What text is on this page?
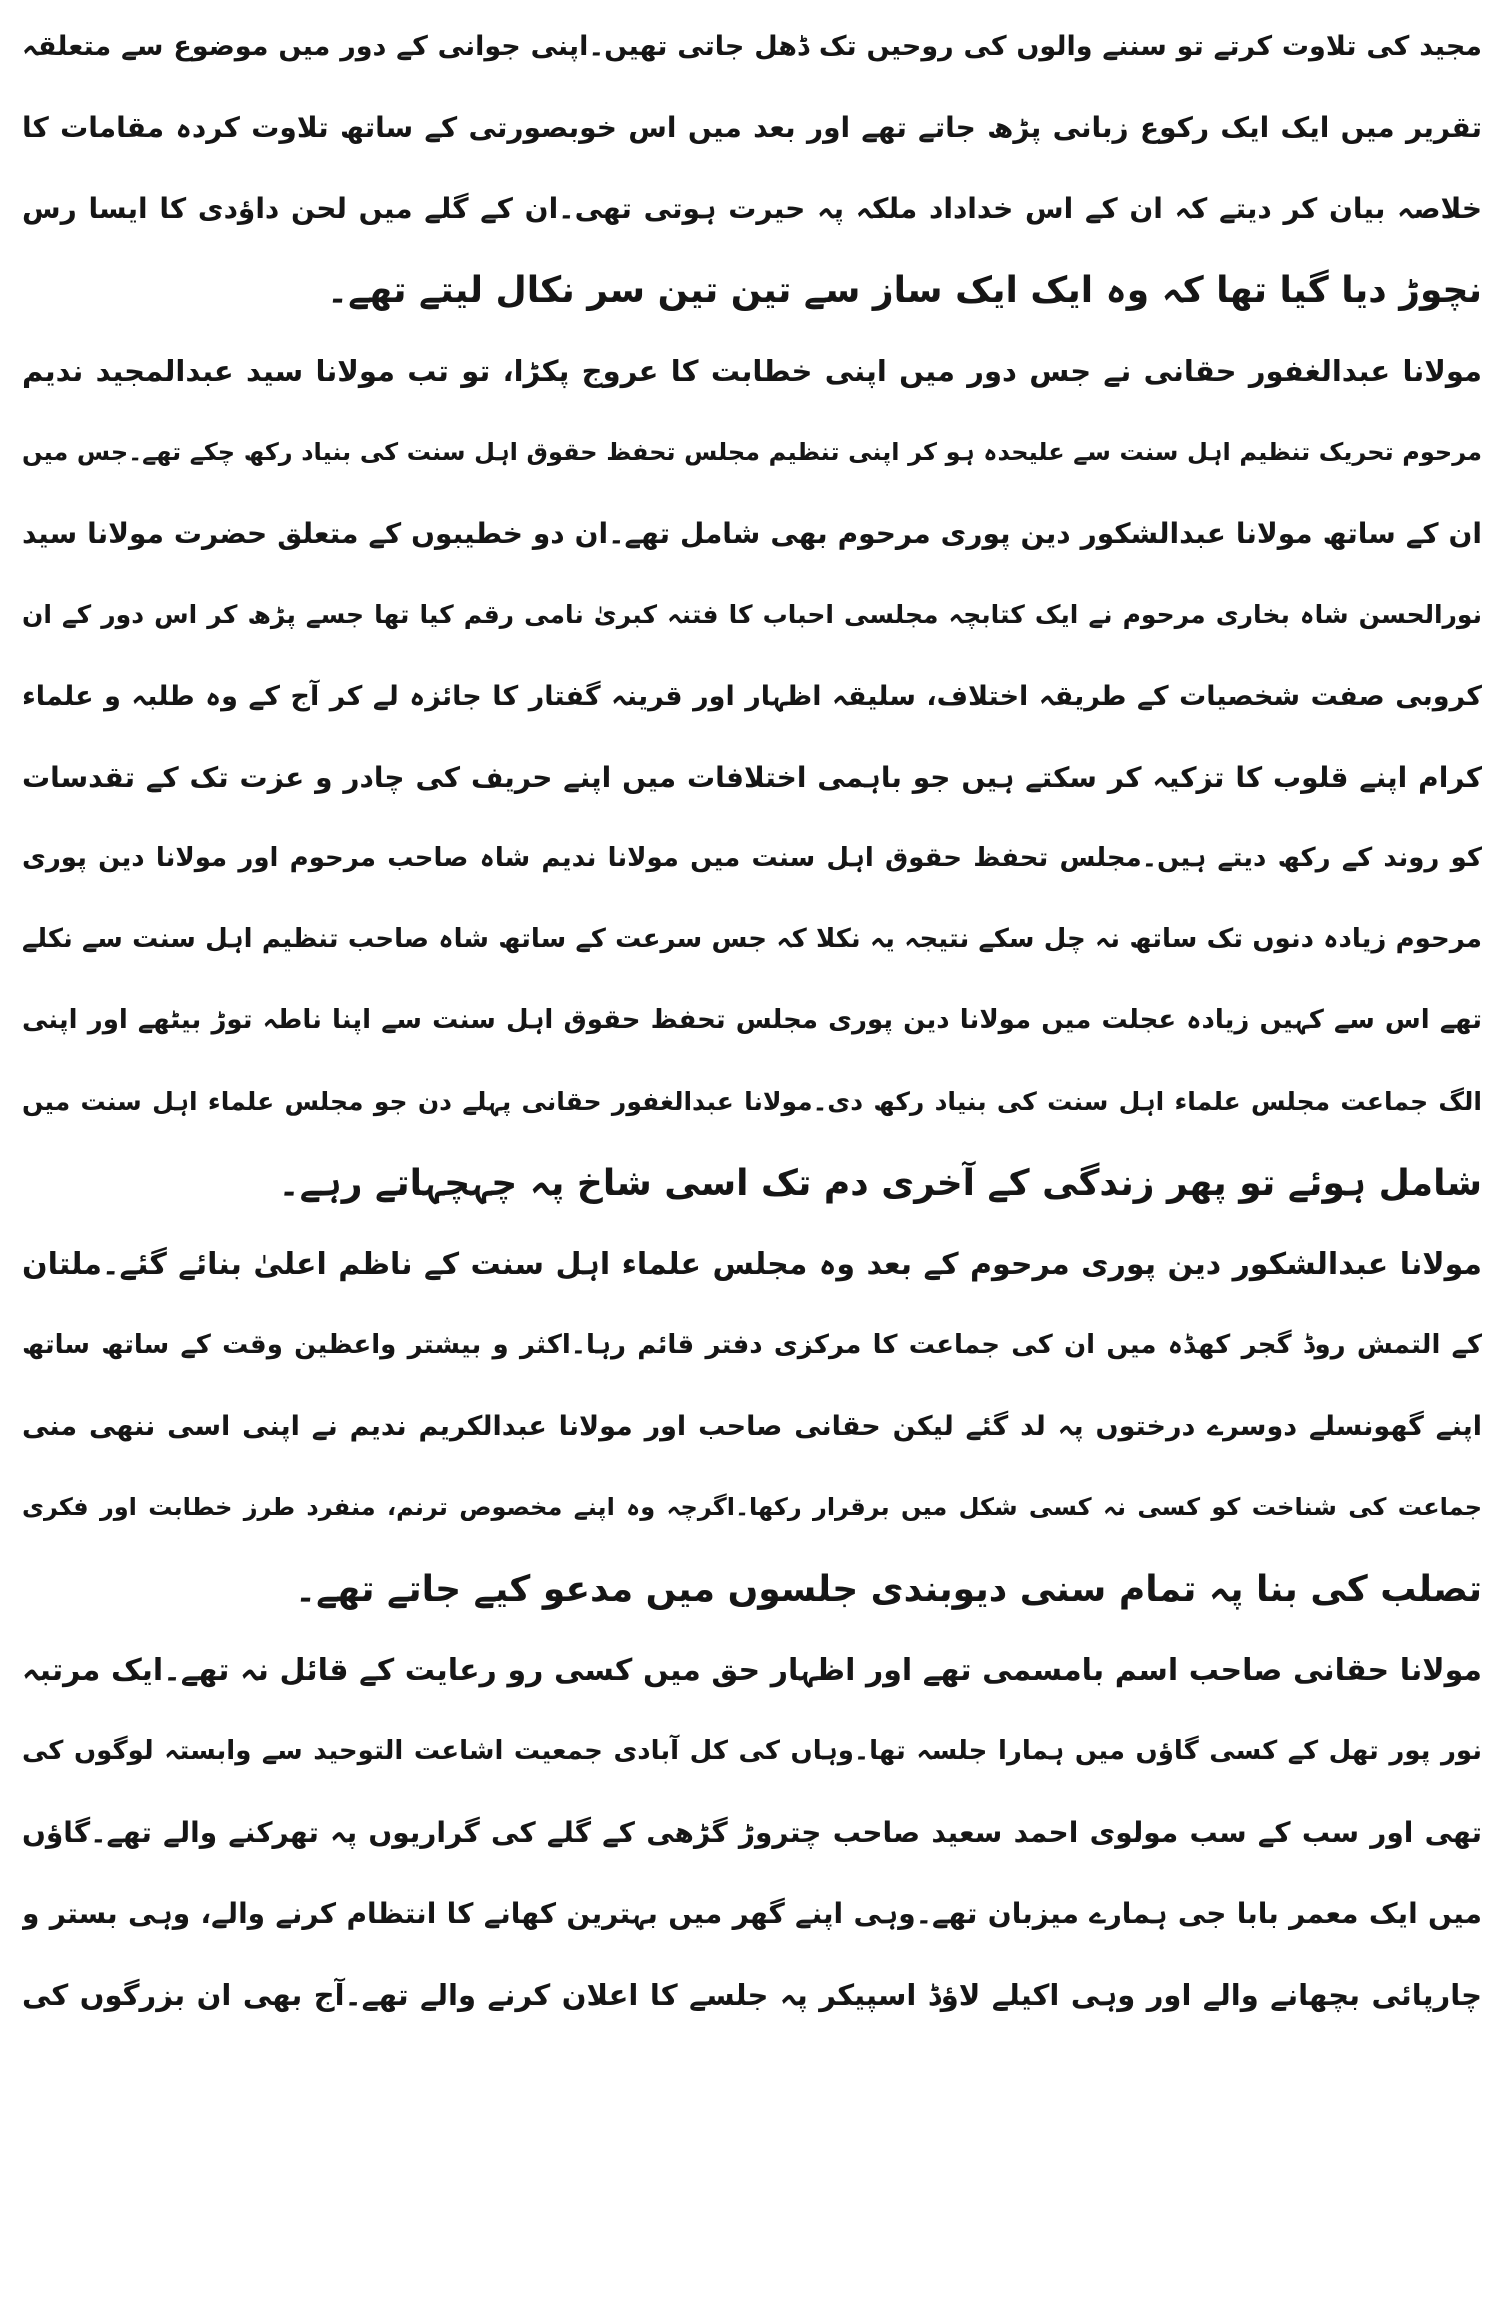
مجید کی تلاوت کرتے تو سننے والوں کی روحیں تک ڈھل جاتی تھیں۔اپنی جوانی کے دور میں موضوع سے متعلقہ
تقریر میں ایک ایک رکوع زبانی پڑھ جاتے تھے اور بعد میں اس خوبصورتی کے ساتھ تلاوت کردہ مقامات کا
خلاصہ بیان کر دیتے کہ ان کے اس خداداد ملکہ پہ حیرت ہوتی تھی۔ان کے گلے میں لحن داؤدی کا ایسا رس
نچوڑ دیا گیا تھا کہ وہ ایک ایک ساز سے تین تین سر نکال لیتے تھے۔
مولانا عبدالغفور حقانی نے جس دور میں اپنی خطابت کا عروج پکڑا، تو تب مولانا سید عبدالمجید ندیم
مرحوم تحریک تنظیم اہل سنت سے علیحدہ ہو کر اپنی تنظیم مجلس تحفظ حقوق اہل سنت کی بنیاد رکھ چکے تھے۔جس میں
ان کے ساتھ مولانا عبدالشکور دین پوری مرحوم بھی شامل تھے۔ان دو خطیبوں کے متعلق حضرت مولانا سید
نورالحسن شاہ بخاری مرحوم نے ایک کتابچہ مجلسی احباب کا فتنہ کبریٰ نامی رقم کیا تھا جسے پڑھ کر اس دور کے ان
کروبی صفت شخصیات کے طریقہ اختلاف، سلیقہ اظہار اور قرینہ گفتار کا جائزہ لے کر آج کے وہ طلبہ و علماء
کرام اپنے قلوب کا تزکیہ کر سکتے ہیں جو باہمی اختلافات میں اپنے حریف کی چادر و عزت تک کے تقدسات
کو روند کے رکھ دیتے ہیں۔مجلس تحفظ حقوق اہل سنت میں مولانا ندیم شاہ صاحب مرحوم اور مولانا دین پوری
مرحوم زیادہ دنوں تک ساتھ نہ چل سکے نتیجہ یہ نکلا کہ جس سرعت کے ساتھ شاہ صاحب تنظیم اہل سنت سے نکلے
تھے اس سے کہیں زیادہ عجلت میں مولانا دین پوری مجلس تحفظ حقوق اہل سنت سے اپنا ناطہ توڑ بیٹھے اور اپنی
الگ جماعت مجلس علماء اہل سنت کی بنیاد رکھ دی۔مولانا عبدالغفور حقانی پہلے دن جو مجلس علماء اہل سنت میں
شامل ہوئے تو پھر زندگی کے آخری دم تک اسی شاخ پہ چہچہاتے رہے۔
مولانا عبدالشکور دین پوری مرحوم کے بعد وہ مجلس علماء اہل سنت کے ناظم اعلیٰ بنائے گئے۔ملتان
کے التمش روڈ گجر کھڈہ میں ان کی جماعت کا مرکزی دفتر قائم رہا۔اکثر و بیشتر واعظین وقت کے ساتھ ساتھ
اپنے گھونسلے دوسرے درختوں پہ لد گئے لیکن حقانی صاحب اور مولانا عبدالکریم ندیم نے اپنی اسی ننھی منی
جماعت کی شناخت کو کسی نہ کسی شکل میں برقرار رکھا۔اگرچہ وہ اپنے مخصوص ترنم، منفرد طرز خطابت اور فکری
تصلب کی بنا پہ تمام سنی دیوبندی جلسوں میں مدعو کیے جاتے تھے۔
مولانا حقانی صاحب اسم بامسمی تھے اور اظہار حق میں کسی رو رعایت کے قائل نہ تھے۔ایک مرتبہ
نور پور تھل کے کسی گاؤں میں ہمارا جلسہ تھا۔وہاں کی کل آبادی جمعیت اشاعت التوحید سے وابستہ لوگوں کی
تھی اور سب کے سب مولوی احمد سعید صاحب چتروڑ گڑھی کے گلے کی گراریوں پہ تھرکنے والے تھے۔گاؤں
میں ایک معمر بابا جی ہمارے میزبان تھے۔وہی اپنے گھر میں بہترین کھانے کا انتظام کرنے والے، وہی بستر و
چارپائی بچھانے والے اور وہی اکیلے لاؤڈ اسپیکر پہ جلسے کا اعلان کرنے والے تھے۔آج بھی ان بزرگوں کی
